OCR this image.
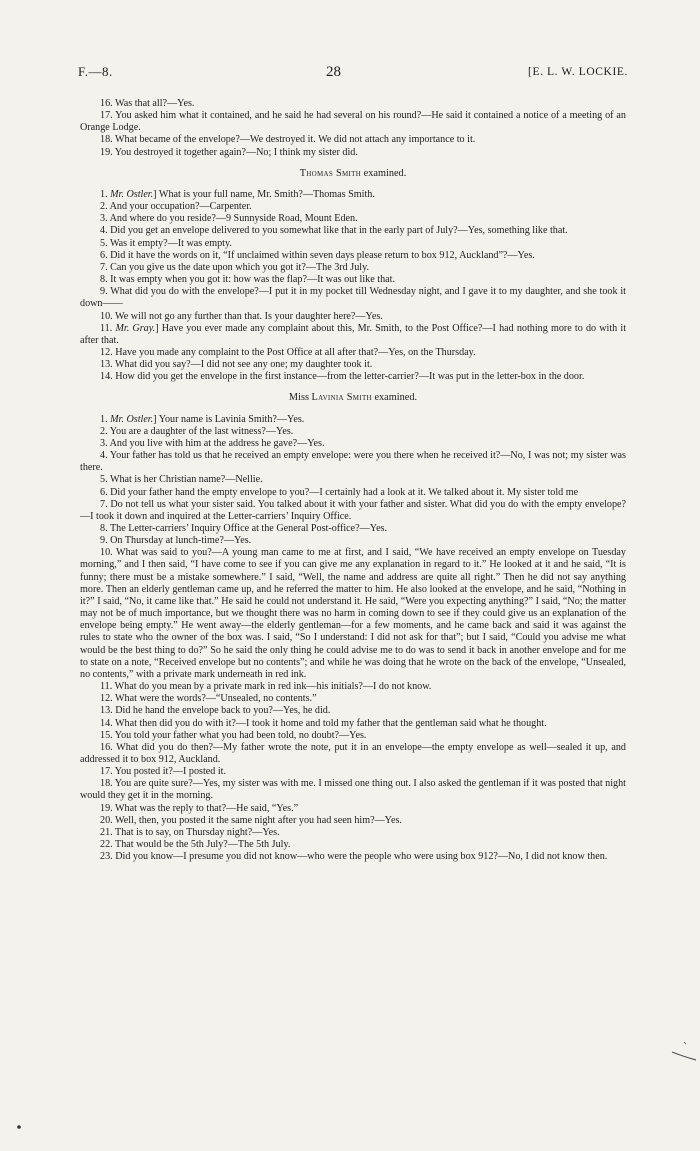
F.—8.	28	[E. L. W. LOCKIE.

16. Was that all?—Yes.

17. You asked him what it contained, and he said he had several on his round?—He said it contained a notice of a meeting of an Orange Lodge.

18. What became of the envelope?—We destroyed it. We did not attach any importance to it.

19. You destroyed it together again?—No; I think my sister did.

Thomas Smith examined.

1. Mr. Ostler.] What is your full name, Mr. Smith?—Thomas Smith.

2. And your occupation?—Carpenter.

3. And where do you reside?—9 Sunnyside Road, Mount Eden.

4. Did you get an envelope delivered to you somewhat like that in the early part of July?—Yes, something like that.

5. Was it empty?—It was empty.

6. Did it have the words on it, “If unclaimed within seven days please return to box 912, Auckland”?—Yes.

7. Can you give us the date upon which you got it?—The 3rd July.

8. It was empty when you got it: how was the flap?—It was out like that.

9. What did you do with the envelope?—I put it in my pocket till Wednesday night, and I gave it to my daughter, and she took it down——

10. We will not go any further than that. Is your daughter here?—Yes.

11. Mr. Gray.] Have you ever made any complaint about this, Mr. Smith, to the Post Office?—I had nothing more to do with it after that.

12. Have you made any complaint to the Post Office at all after that?—Yes, on the Thursday.

13. What did you say?—I did not see any one; my daughter took it.

14. How did you get the envelope in the first instance—from the letter-carrier?—It was put in the letter-box in the door.

Miss Lavinia Smith examined.

1. Mr. Ostler.] Your name is Lavinia Smith?—Yes.

2. You are a daughter of the last witness?—Yes.

3. And you live with him at the address he gave?—Yes.

4. Your father has told us that he received an empty envelope: were you there when he received it?—No, I was not; my sister was there.

5. What is her Christian name?—Nellie.

6. Did your father hand the empty envelope to you?—I certainly had a look at it. We talked about it. My sister told me

7. Do not tell us what your sister said. You talked about it with your father and sister. What did you do with the empty envelope?—I took it down and inquired at the Letter-carriers’ Inquiry Office.

8. The Letter-carriers’ Inquiry Office at the General Post-office?—Yes.

9. On Thursday at lunch-time?—Yes.

10. What was said to you?—A young man came to me at first, and I said, “We have received an empty envelope on Tuesday morning,” and I then said, “I have come to see if you can give me any explanation in regard to it.” He looked at it and he said, “It is funny; there must be a mistake somewhere.” I said, “Well, the name and address are quite all right.” Then he did not say anything more. Then an elderly gentleman came up, and he referred the matter to him. He also looked at the envelope, and he said, “Nothing in it?” I said, “No, it came like that.” He said he could not understand it. He said, “Were you expecting anything?” I said, “No; the matter may not be of much importance, but we thought there was no harm in coming down to see if they could give us an explanation of the envelope being empty.” He went away—the elderly gentleman—for a few moments, and he came back and said it was against the rules to state who the owner of the box was. I said, “So I understand: I did not ask for that”; but I said, “Could you advise me what would be the best thing to do?” So he said the only thing he could advise me to do was to send it back in another envelope and for me to state on a note, “Received envelope but no contents”; and while he was doing that he wrote on the back of the envelope, “Unsealed, no contents,” with a private mark underneath in red ink.

11. What do you mean by a private mark in red ink—his initials?—I do not know.

12. What were the words?—“Unsealed, no contents.”

13. Did he hand the envelope back to you?—Yes, he did.

14. What then did you do with it?—I took it home and told my father that the gentleman said what he thought.

15. You told your father what you had been told, no doubt?—Yes.

16. What did you do then?—My father wrote the note, put it in an envelope—the empty envelope as well—sealed it up, and addressed it to box 912, Auckland.

17. You posted it?—I posted it.

18. You are quite sure?—Yes, my sister was with me. I missed one thing out. I also asked the gentleman if it was posted that night would they get it in the morning.

19. What was the reply to that?—He said, “Yes.”

20. Well, then, you posted it the same night after you had seen him?—Yes.

21. That is to say, on Thursday night?—Yes.

22. That would be the 5th July?—The 5th July.

23. Did you know—I presume you did not know—who were the people who were using box 912?—No, I did not know then.
